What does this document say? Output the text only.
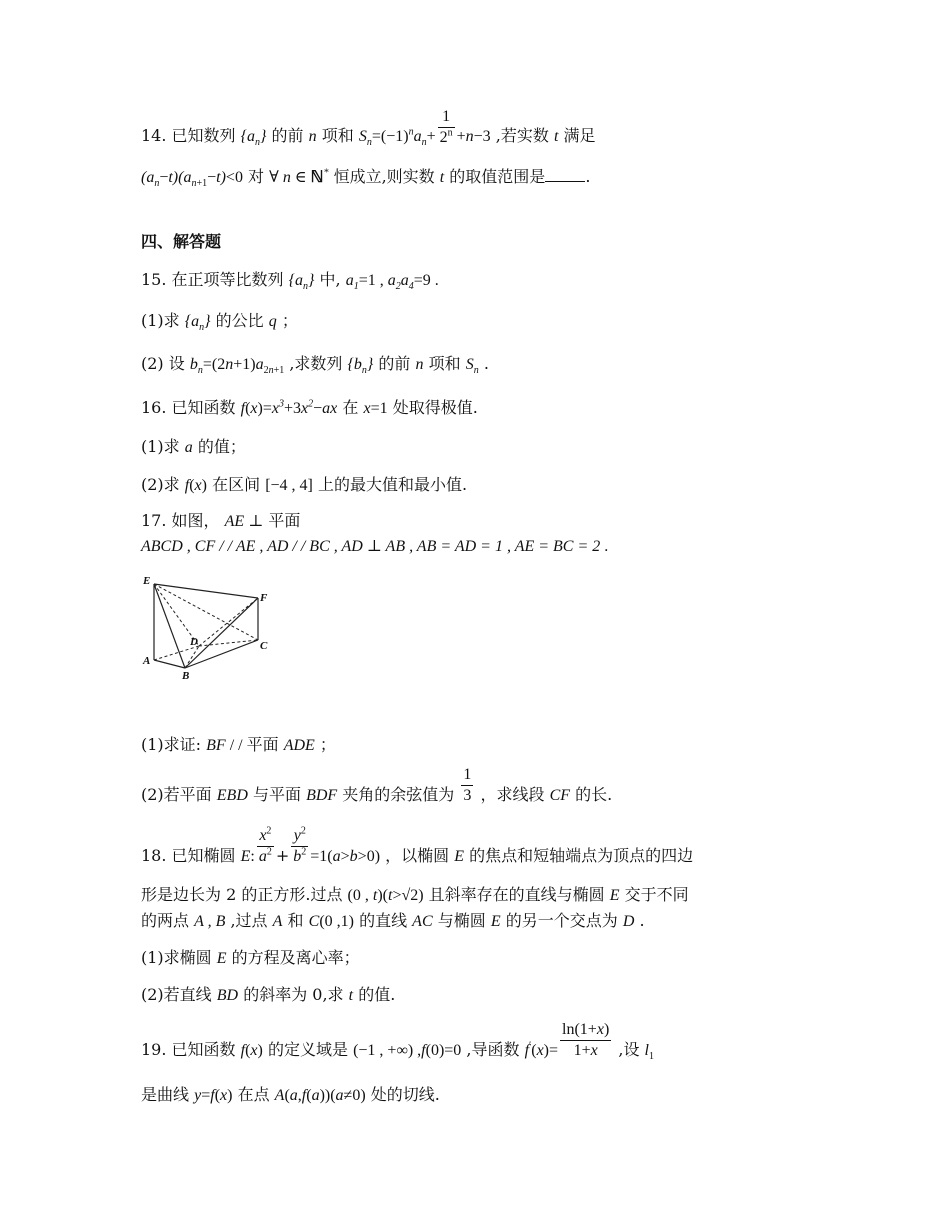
14. 已知数列 $\{a_n\}$ 的前 n 项和 $S_n=(-1)^na_n+ \frac{1}{2^n} +n-3$ ,若实数 t 满足
$(a_n-t)(a_{n+1}-t)<0$ 对 ∀ n ∈ ℕ* 恒成立,则实数 t 的取值范围是	.
四、解答题
15. 在正项等比数列 $\{a_n\}$ 中, $a_1=1$ , $a_2a_4=9$ .
(1)求 $\{a_n\}$ 的公比 q ；
(2) 设 $b_n=(2n+1)a_{2n+1}$ ,求数列 $\{b_n\}$ 的前 n 项和 $S_n$ .
16. 已知函数 $f(x)=x^3+3x^2-ax$ 在 x=1 处取得极值.
(1)求 a 的值；
(2)求 f(x) 在区间 [−4 , 4] 上的最大值和最小值.
17. 如图， AE ⊥ 平面
ABCD , CF / / AE , AD / / BC , AD ⊥ AB , AB = AD = 1 , AE = BC = 2 .
E
F
A
B
C
D
(1)求证: BF / / 平面 ADE ；
(2)若平面 EBD 与平面 BDF 夹角的余弦值为 $\frac{1}{3}$ ，求线段 CF 的长.
18. 已知椭圆 E: $\frac{x^2}{a^2} + \frac{y^2}{b^2} =1(a>b>0)$ ，以椭圆 E 的焦点和短轴端点为顶点的四边
形是边长为 2 的正方形.过点 (0 , t)(t>√2) 且斜率存在的直线与椭圆 E 交于不同
的两点 A , B ,过点 A 和 C(0 ,1) 的直线 AC 与椭圆 E 的另一个交点为 D .
(1)求椭圆 E 的方程及离心率；
(2)若直线 BD 的斜率为 0,求 t 的值.
19. 已知函数 f(x) 的定义域是 (−1 , +∞) ,f(0)=0 ,导函数 $f'(x)= \frac{\ln(1+x)}{1+x}$ ,设 $l_1$
是曲线 y=f(x) 在点 A(a,f(a))(a≠0) 处的切线.
